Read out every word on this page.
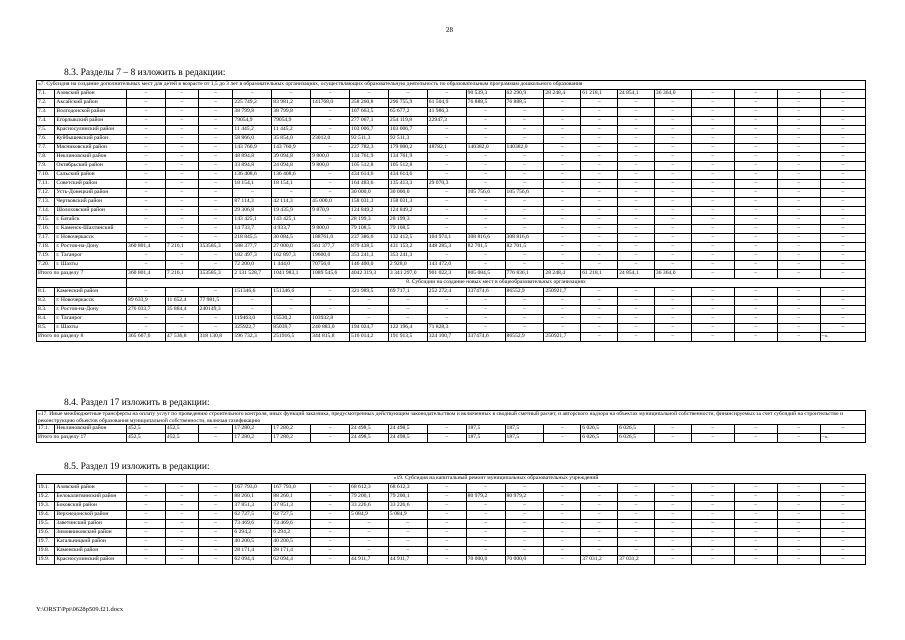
28
8.3. Разделы 7 – 8 изложить в редакции:
«7. Субсидия на создание дополнительных мест для детей в возрасте от 1,5 до 3 лет в образовательных организациях, осуществляющих образовательную деятельность по образовательным программам дошкольного образования																				
7.1.	Азовский район	–	–	–	–	–	–	–	–	–	90 539,3	62 290,9	28 248,4	61 218,1	24 854,1	36 364,0	–	–	–	–
7.2.	Аксайский район	–	–	–	225 749,2	83 981,2	141768,0	358 260,8	296 755,9	61 504,9	76 888,5	76 888,5	–	–	–	–	–	–	–	–
7.3.	Волгодонской район	–	–	–	38 799,8	38 799,8	–	107 663,5	65 677,2	41 986,3	–	–	–	–	–	–	–	–	–	–
7.4.	Егорлыкский район	–	–	–	79054,9	79054,9	–	277 067,1	254 119,8	22947,3	–	–	–	–	–	–	–	–	–	–
7.5.	Красносулинский район	–	–	–	11 445,2	11 445,2	–	103 006,7	103 006,7	–	–	–	–	–	–	–	–	–	–	–
7.6.	Куйбышевский район	–	–	–	58 866,0	35 854,0	23012,0	92 511,3	92 511,3	–	–	–	–	–	–	–	–	–	–	–
7.7.	Мясниковский район	–	–	–	143 760,9	143 760,9	–	227 782,3	179 000,2	48782,1	140382,0	140382,0	–	–	–	–	–	–	–	–
7.8.	Неклиновский район	–	–	–	48 894,8	39 094,8	9 800,0	134 761,9	134 761,9	–	–	–	–	–	–	–	–	–	–	–
7.9.	Октябрьский район	–	–	–	33 894,8	24 094,8	9 800,0	105 512,8	105 512,8	–	–	–	–	–	–	–	–	–	–	–
7.10.	Сальский район	–	–	–	136 408,6	136 408,6	–	434 614,6	434 614,6	–	–	–	–	–	–	–	–	–	–	–
7.11.	Советский район	–	–	–	18 154,1	18 154,1	–	164 483,6	135 413,3	29 070,3	–	–	–	–	–	–	–	–	–	–
7.12.	Усть-Донецкий район	–	–	–	–	–	–	30 000,0	30 000,0	–	105 756,6	105 756,6	–	–	–	–	–	–	–	–
7.13.	Чертковский район	–	–	–	87 114,3	42 114,3	45 000,0	158 031,3	158 031,3	–	–	–	–	–	–	–	–	–	–	–
7.14.	Шолоховский район	–	–	–	29 306,8	19 435,9	9 870,9	124 849,2	124 849,2	–	–	–	–	–	–	–	–	–	–	–
7.15.	г. Батайск	–	–	–	143 425,1	143 425,1	–	28 199,3	28 199,3	–	–	–	–	–	–	–	–	–	–	–
7.16.	г. Каменск-Шахтинский	–	–	–	14 733,7	4 933,7	9 800,0	79 108,5	79 108,5	–	–	–	–	–	–	–	–	–	–	–
7.17.	г. Новочеркасск	–	–	–	218 845,5	30 084,5	188761,0	237 386,6	132 412,5	104 974,1	308 816,6	308 816,6	–	–	–	–	–	–	–	–
7.18.	г. Ростов-на-Дону	360 801,4	7 216,1	353585,3	588 377,7	27 000,0	561 377,7	879 438,5	431 153,2	448 285,3	82 701,5	82 701,5	–	–	–	–	–	–	–	–
7.19.	г. Таганрог	–	–	–	182 497,3	162 897,3	19600,0	353 241,3	353 241,3	–	–	–	–	–	–	–	–	–	–	–
7.20.	г. Шахты	–	–	–	72 200,0	1 444,0	70756,0	146 400,0	2 928,0	143 472,0	–	–	–	–	–	–	–	–	–	–
Итого по разделу 7		360 801,4	7 216,1	353585,3	2 131 528,7	1041 983,1	1089 545,6	4042 319,3	3 341 297,0	901 022,3	805 084,5	776 836,1	28 248,4	61 218,1	24 854,1	36 364,0	–	–	–	–
		8. Субсидии на создание новых мест в общеобразовательных организациях																		
8.1.	Каменский район	–	–	–	151346,6	151346,6	–	321 989,5	69 717,1	252 272,4	337474,6	86552,9	250921,7	–	–	–	–	–	–	–
8.2.	г. Новочеркасск	89 633,9	11 652,4	77 981,5	–	–	–	–	–	–	–	–	–	–	–	–	–	–	–	–
8.3.	г. Ростов-на-Дону	276 033,7	35 884,4	240149,3	–	–	–	–	–	–	–	–	–	–	–	–	–	–	–	–
8.4.	г. Таганрог	–	–	–	119463,0	15530,2	103932,8	–	–	–	–	–	–	–	–	–	–	–	–	–
8.5.	г. Шахты	–	–	–	325922,7	85039,7	240 883,0	194 024,7	122 196,4	71 828,3	–	–	–	–	–	–	–	–	–	–
Итого по разделу 8		365 667,6	47 536,8	318 130,8	596 732,3	251916,5	344 815,8	516 014,2	191 913,5	324 100,7	337474,6	86552,9	250921,7	–	–	–	–	–	–	–».
8.4. Раздел 17 изложить в редакции:
«17. Иные межбюджетные трансферты на оплату услуг по проведению строительного контроля, иных функций заказчика, предусмотренных действующим законодательством и включенных в сводный сметный расчет, и авторского надзора на объектах муниципальной собственности, финансируемых за счет субсидий на строительство и реконструкцию объектов образования муниципальной собственности, включая газификацию																				
17.1.	Неклиновский район	452,5	452,5	–	17 280,2	17 280,2	–	24 498,5	24 498,5	–	187,5	187,5	–	6 026,5	6 026,5	–	–	–	–	–
Итого по разделу 17		452,5	452,5	–	17 280,2	17 280,2	–	24 498,5	24 498,5	–	187,5	187,5	–	6 026,5	6 026,5	–	–	–	–	–».
8.5. Раздел 19 изложить в редакции:
		«19. Субсидия на капитальный ремонт муниципальных образовательных учреждений																		
19.1.	Азовский район	–	–	–	167 793,0	167 793,0	–	68 612,3	68 612,3	–	–	–	–	–	–	–	–	–	–	–
19.2.	Белокалитвинский район	–	–	–	88 260,1	88 260,1	–	79 200,1	79 200,1	–	80 979,2	80 979,2	–	–	–	–	–	–	–	–
19.3.	Боковский район	–	–	–	37 851,3	37 851,3	–	33 226,6	33 226,6	–	–	–	–	–	–	–	–	–	–	–
19.4.	Верхнедонской район	–	–	–	62 727,5	62 727,5	–	5 084,9	5 084,9	–	–	–	–	–	–	–	–	–	–	–
19.5.	Заветинский район	–	–	–	73 469,6	73 469,6	–	–	–	–	–	–	–	–	–	–	–	–	–	–
19.6.	Зимовниковский район	–	–	–	6 294,2	6 294,2	–	–	–	–	–	–	–	–	–	–	–	–	–	–
19.7.	Кагальницкий район	–	–	–	40 200,5	40 200,5	–	–	–	–	–	–	–	–	–	–	–	–	–	–
19.8.	Каменский район	–	–	–	28 171,4	28 171,4	–	–	–	–	–	–	–	–	–	–	–	–	–	–
19.9.	Красносулинский район	–	–	–	62 094,4	62 094,4	–	44 911,7	44 911,7	–	70 000,0	70 000,0	–	37 031,2	37 031,2	–	–	–	–	–
Y:\ORST\Ppi\0628p509.f21.docx
